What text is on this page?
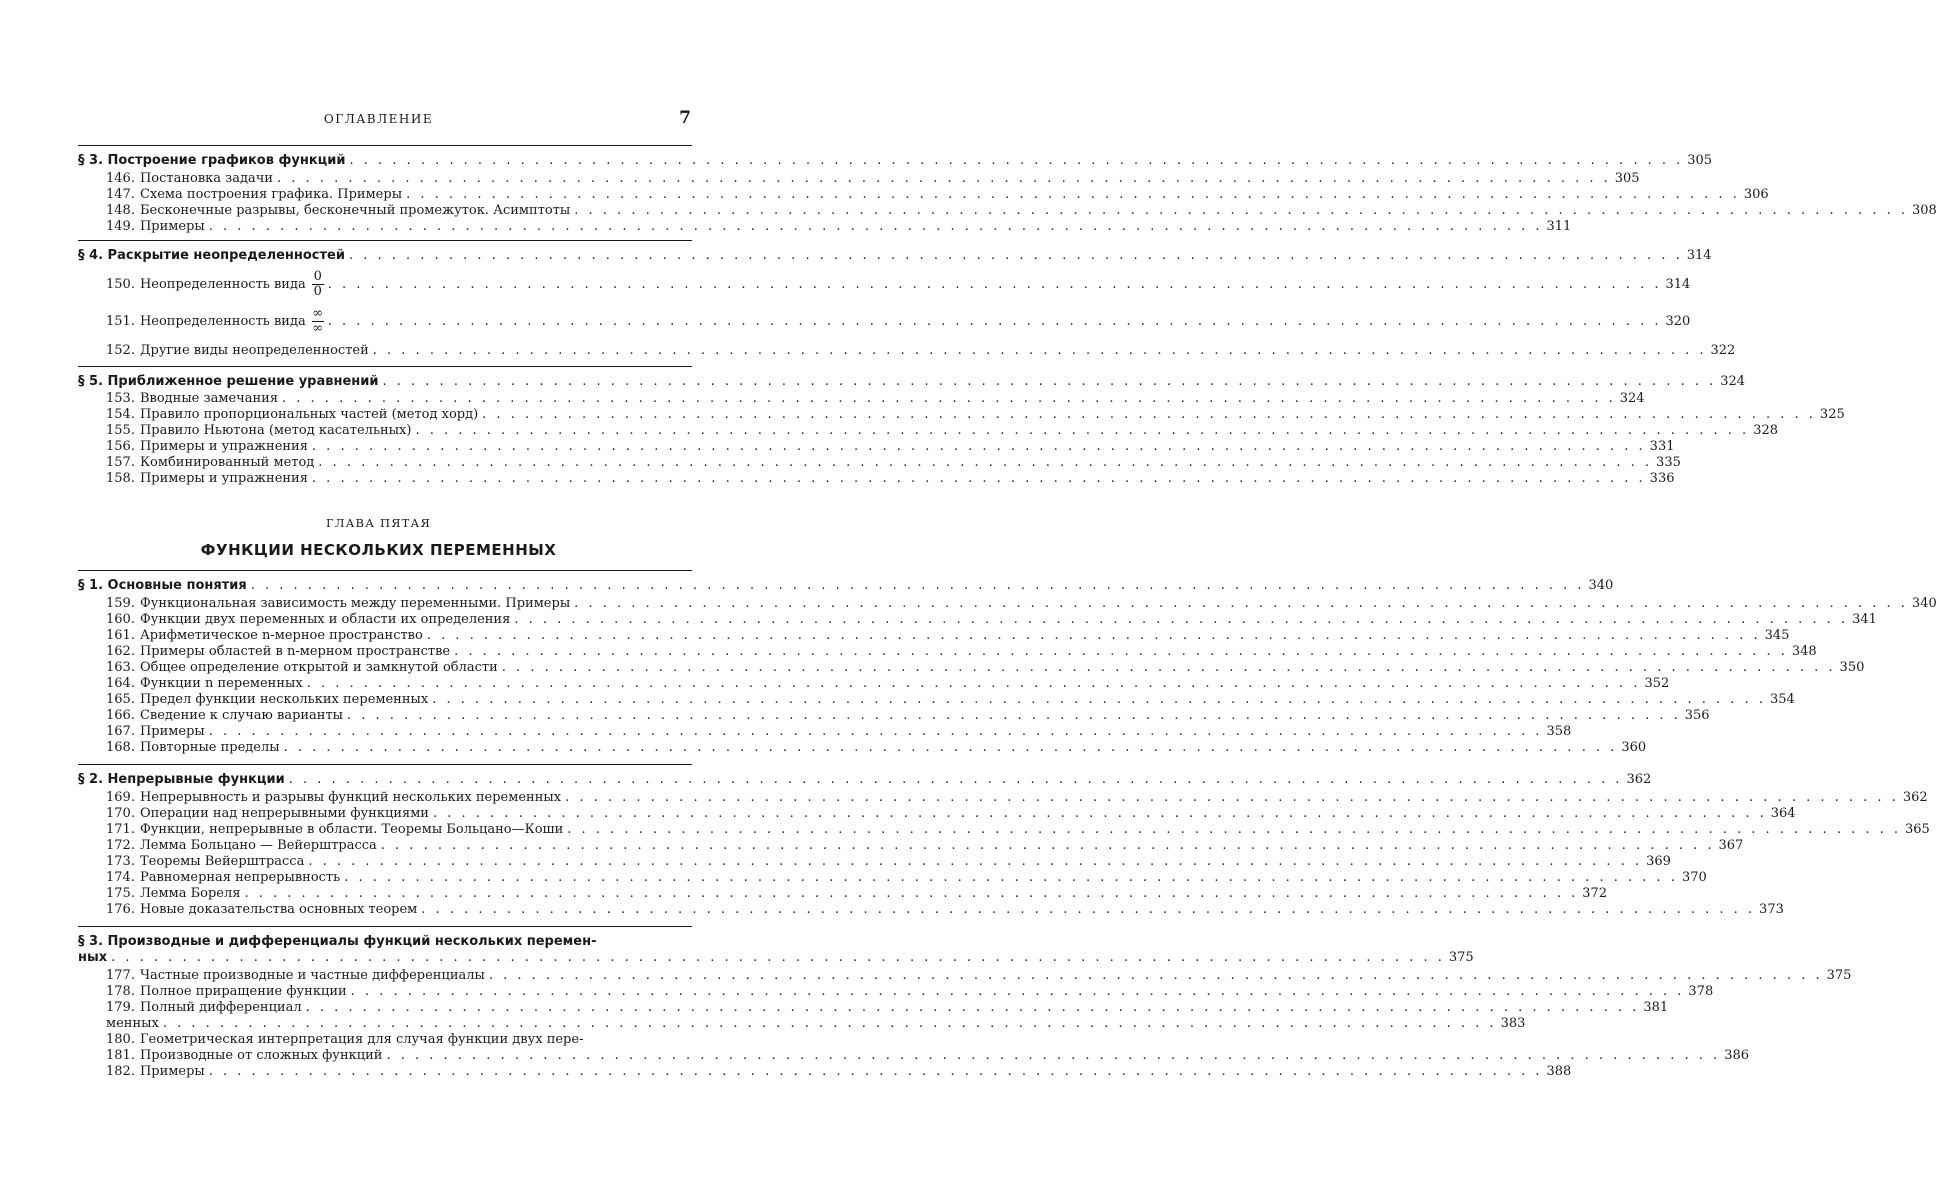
ОГЛАВЛЕНИЕ	7
ГЛАВА ПЯТАЯ
ФУНКЦИИ НЕСКОЛЬКИХ ПЕРЕМЕННЫХ
§ 3. Построение графиков функций . . .	305
146. Постановка задачи . . .	305
147. Схема построения графика. Примеры . . .	306
148. Бесконечные разрывы, бесконечный промежуток. Асимптоты . . .	308
149. Примеры . . .	311
§ 4. Раскрытие неопределенностей . . .	314
150. Неопределенность вида $\frac{0}{0}$ . . .	314
151. Неопределенность вида $\frac{\infty}{\infty}$ . . .	320
152. Другие виды неопределенностей . . .	322
§ 5. Приближенное решение уравнений . . .	324
153. Вводные замечания . . .	324
154. Правило пропорциональных частей (метод хорд) . . .	325
155. Правило Ньютона (метод касательных) . . .	328
156. Примеры и упражнения . . .	331
157. Комбинированный метод . . .	335
158. Примеры и упражнения . . .	336
§ 1. Основные понятия . . .	340
159. Функциональная зависимость между переменными. Примеры . . .	340
160. Функции двух переменных и области их определения . . .	341
161. Арифметическое n-мерное пространство . . .	345
162. Примеры областей в n-мерном пространстве . . .	348
163. Общее определение открытой и замкнутой области . . .	350
164. Функции n переменных . . .	352
165. Предел функции нескольких переменных . . .	354
166. Сведение к случаю варианты . . .	356
167. Примеры . . .	358
168. Повторные пределы . . .	360
§ 2. Непрерывные функции . . .	362
169. Непрерывность и разрывы функций нескольких переменных . . .	362
170. Операции над непрерывными функциями . . .	364
171. Функции, непрерывные в области. Теоремы Больцано—Коши . . .	365
172. Лемма Больцано — Вейерштрасса . . .	367
173. Теоремы Вейерштрасса . . .	369
174. Равномерная непрерывность . . .	370
175. Лемма Бореля . . .	372
176. Новые доказательства основных теорем . . .	373
§ 3. Производные и дифференциалы функций нескольких перемен-
ных . . .	375
177. Частные производные и частные дифференциалы . . .	375
178. Полное приращение функции . . .	378
179. Полный дифференциал . . .	381
180. Геометрическая интерпретация для случая функции двух пере-
менных . . .	383
181. Производные от сложных функций . . .	386
182. Примеры . . .	388
